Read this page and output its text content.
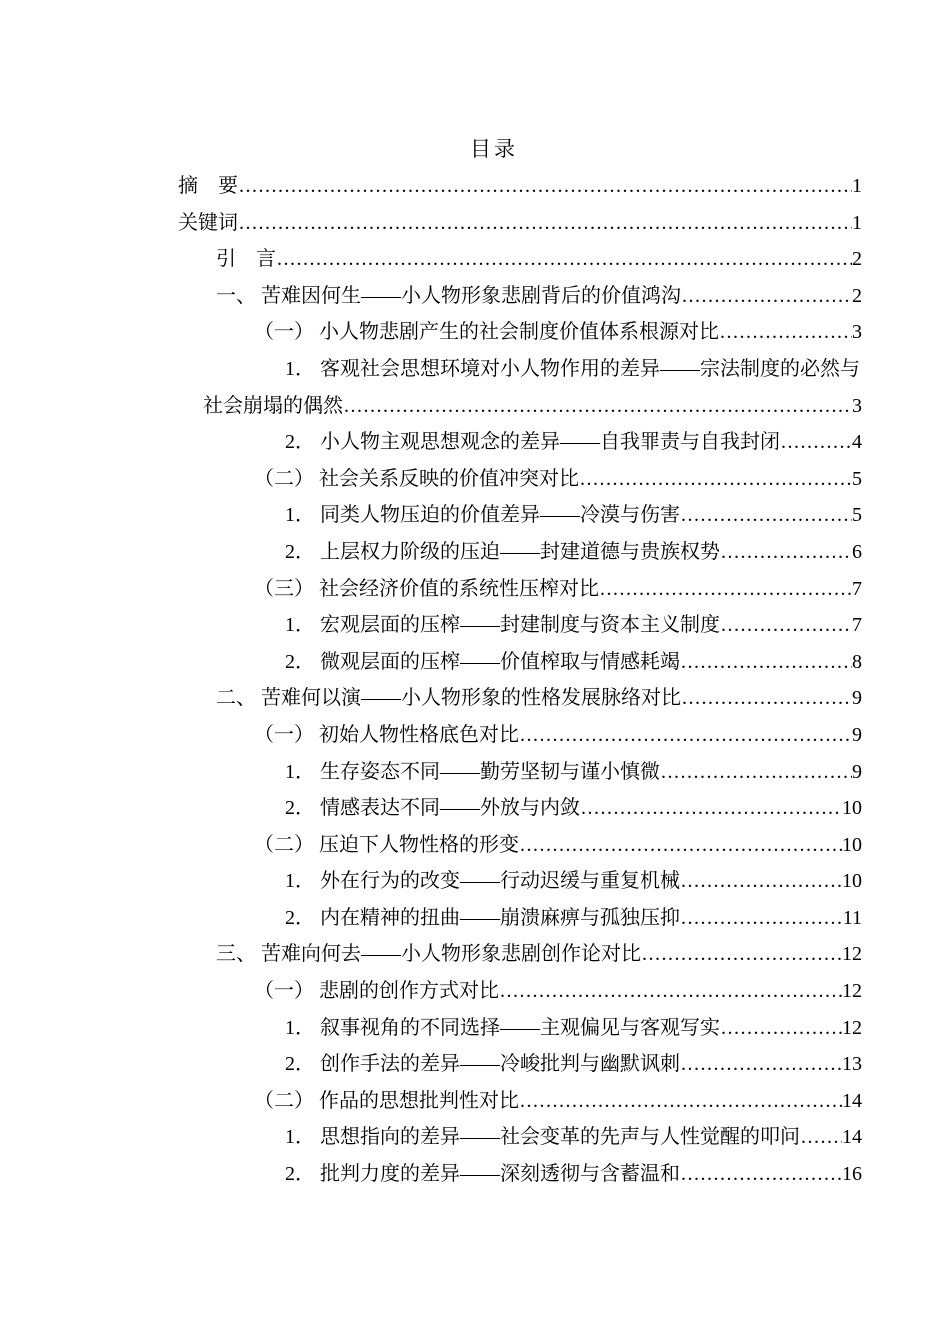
目录
摘　要 .....	1
关键词 .....	1
引　言 .....	2
一、 苦难因何生——小人物形象悲剧背后的价值鸿沟 .....	2
（一） 小人物悲剧产生的社会制度价值体系根源对比 .....	3
1． 客观社会思想环境对小人物作用的差异——宗法制度的必然与
社会崩塌的偶然 .....	3
2． 小人物主观思想观念的差异——自我罪责与自我封闭 .....	4
（二） 社会关系反映的价值冲突对比 .....	5
1． 同类人物压迫的价值差异——冷漠与伤害 .....	5
2． 上层权力阶级的压迫——封建道德与贵族权势 .....	6
（三） 社会经济价值的系统性压榨对比 .....	7
1． 宏观层面的压榨——封建制度与资本主义制度 .....	7
2． 微观层面的压榨——价值榨取与情感耗竭 .....	8
二、 苦难何以演——小人物形象的性格发展脉络对比 .....	9
（一） 初始人物性格底色对比 .....	9
1． 生存姿态不同——勤劳坚韧与谨小慎微 .....	9
2． 情感表达不同——外放与内敛 .....	10
（二） 压迫下人物性格的形变 .....	10
1． 外在行为的改变——行动迟缓与重复机械 .....	10
2． 内在精神的扭曲——崩溃麻痹与孤独压抑 .....	11
三、 苦难向何去——小人物形象悲剧创作论对比 .....	12
（一） 悲剧的创作方式对比 .....	12
1． 叙事视角的不同选择——主观偏见与客观写实 .....	12
2． 创作手法的差异——冷峻批判与幽默讽刺 .....	13
（二） 作品的思想批判性对比 .....	14
1． 思想指向的差异——社会变革的先声与人性觉醒的叩问 ..... 14
2． 批判力度的差异——深刻透彻与含蓄温和 .....	16
